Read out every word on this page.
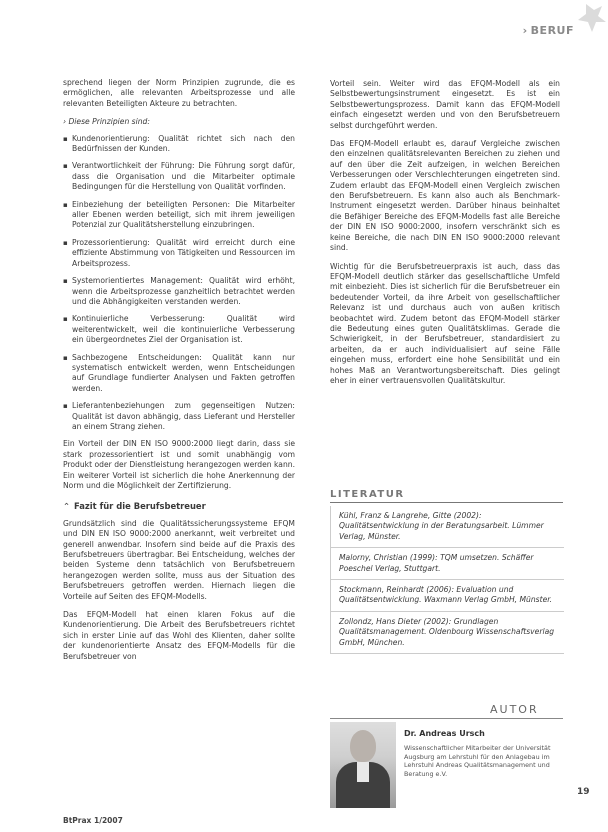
› BERUF

sprechend liegen der Norm Prinzipien zugrunde, die es ermöglichen, alle relevanten Arbeitsprozesse und alle relevanten Beteiligten Akteure zu betrachten.

› Diese Prinzipien sind:

▪ Kundenorientierung: Qualität richtet sich nach den Bedürfnissen der Kunden.
▪ Verantwortlichkeit der Führung: Die Führung sorgt dafür, dass die Organisation und die Mitarbeiter optimale Bedingungen für die Herstellung von Qualität vorfinden.
▪ Einbeziehung der beteiligten Personen: Die Mitarbeiter aller Ebenen werden beteiligt, sich mit ihrem jeweiligen Potenzial zur Qualitätsherstellung einzubringen.
▪ Prozessorientierung: Qualität wird erreicht durch eine effiziente Abstimmung von Tätigkeiten und Ressourcen im Arbeitsprozess.
▪ Systemorientiertes Management: Qualität wird erhöht, wenn die Arbeitsprozesse ganzheitlich betrachtet werden und die Abhängigkeiten verstanden werden.
▪ Kontinuierliche Verbesserung: Qualität wird weiterentwickelt, weil die kontinuierliche Verbesserung ein übergeordnetes Ziel der Organisation ist.
▪ Sachbezogene Entscheidungen: Qualität kann nur systematisch entwickelt werden, wenn Entscheidungen auf Grundlage fundierter Analysen und Fakten getroffen werden.
▪ Lieferantenbeziehungen zum gegenseitigen Nutzen: Qualität ist davon abhängig, dass Lieferant und Hersteller an einem Strang ziehen.

Ein Vorteil der DIN EN ISO 9000:2000 liegt darin, dass sie stark prozessorientiert ist und somit unabhängig vom Produkt oder der Dienstleistung herangezogen werden kann. Ein weiterer Vorteil ist sicherlich die hohe Anerkennung der Norm und die Möglichkeit der Zertifizierung.

⌃ Fazit für die Berufsbetreuer

Grundsätzlich sind die Qualitätssicherungssysteme EFQM und DIN EN ISO 9000:2000 anerkannt, weit verbreitet und generell anwendbar. Insofern sind beide auf die Praxis des Berufsbetreuers übertragbar. Bei Entscheidung, welches der beiden Systeme denn tatsächlich von Berufsbetreuern herangezogen werden sollte, muss aus der Situation des Berufsbetreuers getroffen werden. Hiernach liegen die Vorteile auf Seiten des EFQM-Modells.

Das EFQM-Modell hat einen klaren Fokus auf die Kundenorientierung. Die Arbeit des Berufsbetreuers richtet sich in erster Linie auf das Wohl des Klienten, daher sollte der kundenorientierte Ansatz des EFQM-Modells für die Berufsbetreuer von

Vorteil sein. Weiter wird das EFQM-Modell als ein Selbstbewertungsinstrument eingesetzt. Es ist ein Selbstbewertungsprozess. Damit kann das EFQM-Modell einfach eingesetzt werden und von den Berufsbetreuern selbst durchgeführt werden.

Das EFQM-Modell erlaubt es, darauf Vergleiche zwischen den einzelnen qualitätsrelevanten Bereichen zu ziehen und auf den über die Zeit aufzeigen, in welchen Bereichen Verbesserungen oder Verschlechterungen eingetreten sind. Zudem erlaubt das EFQM-Modell einen Vergleich zwischen den Berufsbetreuern. Es kann also auch als Benchmark-Instrument eingesetzt werden. Darüber hinaus beinhaltet die Befähiger Bereiche des EFQM-Modells fast alle Bereiche der DIN EN ISO 9000:2000, insofern verschränkt sich es keine Bereiche, die nach DIN EN ISO 9000:2000 relevant sind.

Wichtig für die Berufsbetreuerpraxis ist auch, dass das EFQM-Modell deutlich stärker das gesellschaftliche Umfeld mit einbezieht. Dies ist sicherlich für die Berufsbetreuer ein bedeutender Vorteil, da ihre Arbeit von gesellschaftlicher Relevanz ist und durchaus auch von außen kritisch beobachtet wird. Zudem betont das EFQM-Modell stärker die Bedeutung eines guten Qualitätsklimas. Gerade die Schwierigkeit, in der Berufsbetreuer, standardisiert zu arbeiten, da er auch individualisiert auf seine Fälle eingehen muss, erfordert eine hohe Sensibilität und ein hohes Maß an Verantwortungsbereitschaft. Dies gelingt eher in einer vertrauensvollen Qualitätskultur.

LITERATUR
Kühl, Franz & Langrehe, Gitte (2002): Qualitätsentwicklung in der Beratungsarbeit. Lümmer Verlag, Münster.
Malorny, Christian (1999): TQM umsetzen. Schäffer Poeschel Verlag, Stuttgart.
Stockmann, Reinhardt (2006): Evaluation und Qualitätsentwicklung. Waxmann Verlag GmbH, Münster.
Zollondz, Hans Dieter (2002): Grundlagen Qualitätsmanagement. Oldenbourg Wissenschaftsverlag GmbH, München.
AUTOR
Dr. Andreas Ursch
Wissenschaftlicher Mitarbeiter der Universität Augsburg am Lehrstuhl für den Anlagebau im Lehrstuhl Andreas Qualitätsmanagement und Beratung e.V.
19
BtPrax 1/2007
